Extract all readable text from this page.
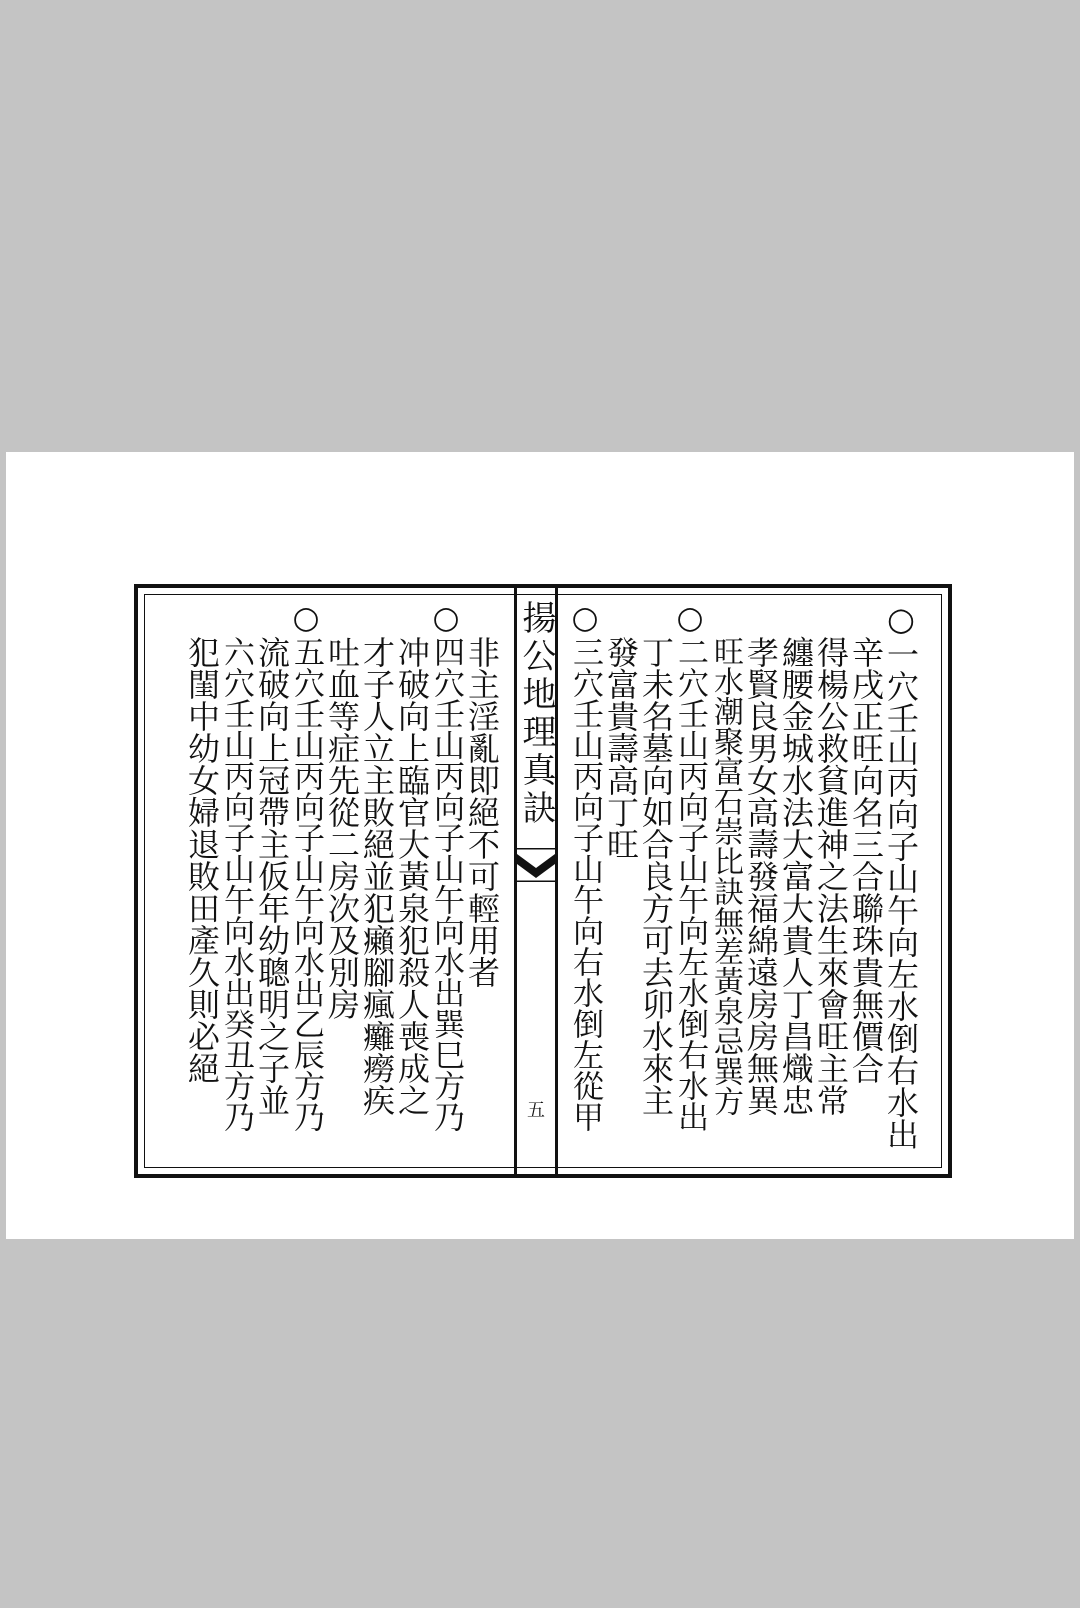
揚公地理真訣
五	○一穴壬山丙向子山午向左水倒右水出
辛戌正旺向名三合聯珠貴無價合
得楊公救貧進神之法生來會旺主常
纏腰金城水法大富大貴人丁昌熾忠
孝賢良男女高壽發福綿遠房房無異
旺水潮聚富石崇比訣無差黃泉忌巽方
○二穴壬山丙向子山午向左水倒右水出
丁未名墓向如合良方可去卯水來主
發富貴壽高丁旺
○三穴壬山丙向子山午向右水倒左從甲
非主淫亂即絕不可輕用者
○四穴壬山丙向子山午向水出巽巳方乃
冲破向上臨官大黃泉犯殺人喪成之
才子人立主敗絕並犯癩腳瘋癱癆疾
吐血等症先從二房次及別房
○五穴壬山丙向子山午向水出乙辰方乃
流破向上冠帶主仮年幼聰明之子並
六穴壬山丙向子山午向水出癸丑方乃
犯閨中幼女婦退敗田產久則必絕
